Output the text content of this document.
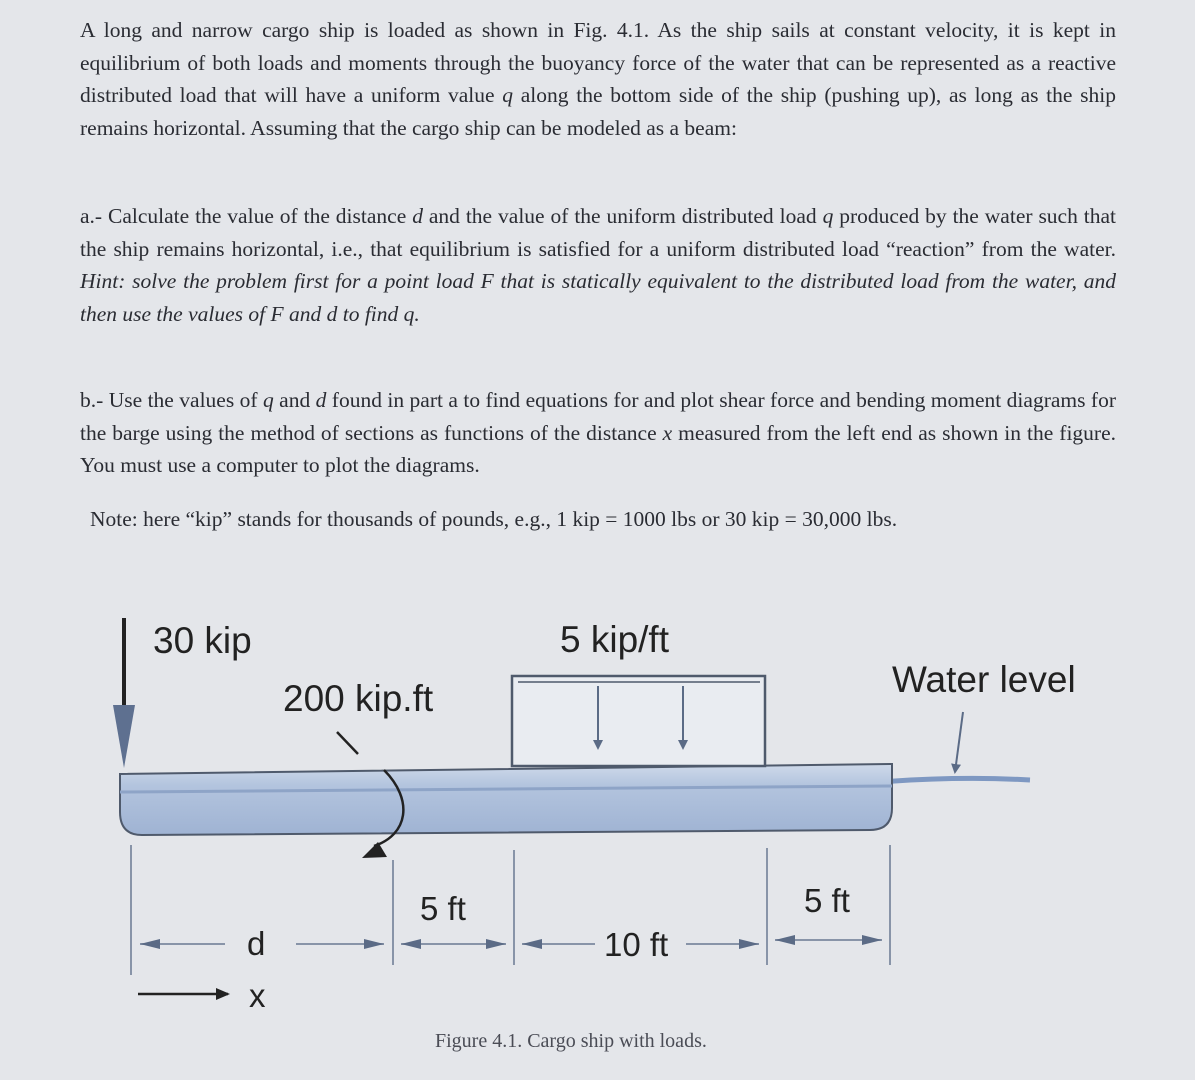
A long and narrow cargo ship is loaded as shown in Fig. 4.1. As the ship sails at constant velocity, it is kept in equilibrium of both loads and moments through the buoyancy force of the water that can be represented as a reactive distributed load that will have a uniform value q along the bottom side of the ship (pushing up), as long as the ship remains horizontal. Assuming that the cargo ship can be modeled as a beam:
a.- Calculate the value of the distance d and the value of the uniform distributed load q produced by the water such that the ship remains horizontal, i.e., that equilibrium is satisfied for a uniform distributed load “reaction” from the water. Hint: solve the problem first for a point load F that is statically equivalent to the distributed load from the water, and then use the values of F and d to find q.
b.- Use the values of q and d found in part a to find equations for and plot shear force and bending moment diagrams for the barge using the method of sections as functions of the distance x measured from the left end as shown in the figure. You must use a computer to plot the diagrams.
Note: here “kip” stands for thousands of pounds, e.g., 1 kip = 1000 lbs or 30 kip = 30,000 lbs.
30 kip	5 kip/ft
200 kip.ft	Water level
d
5 ft
10 ft
5 ft
x
Figure 4.1. Cargo ship with loads.
